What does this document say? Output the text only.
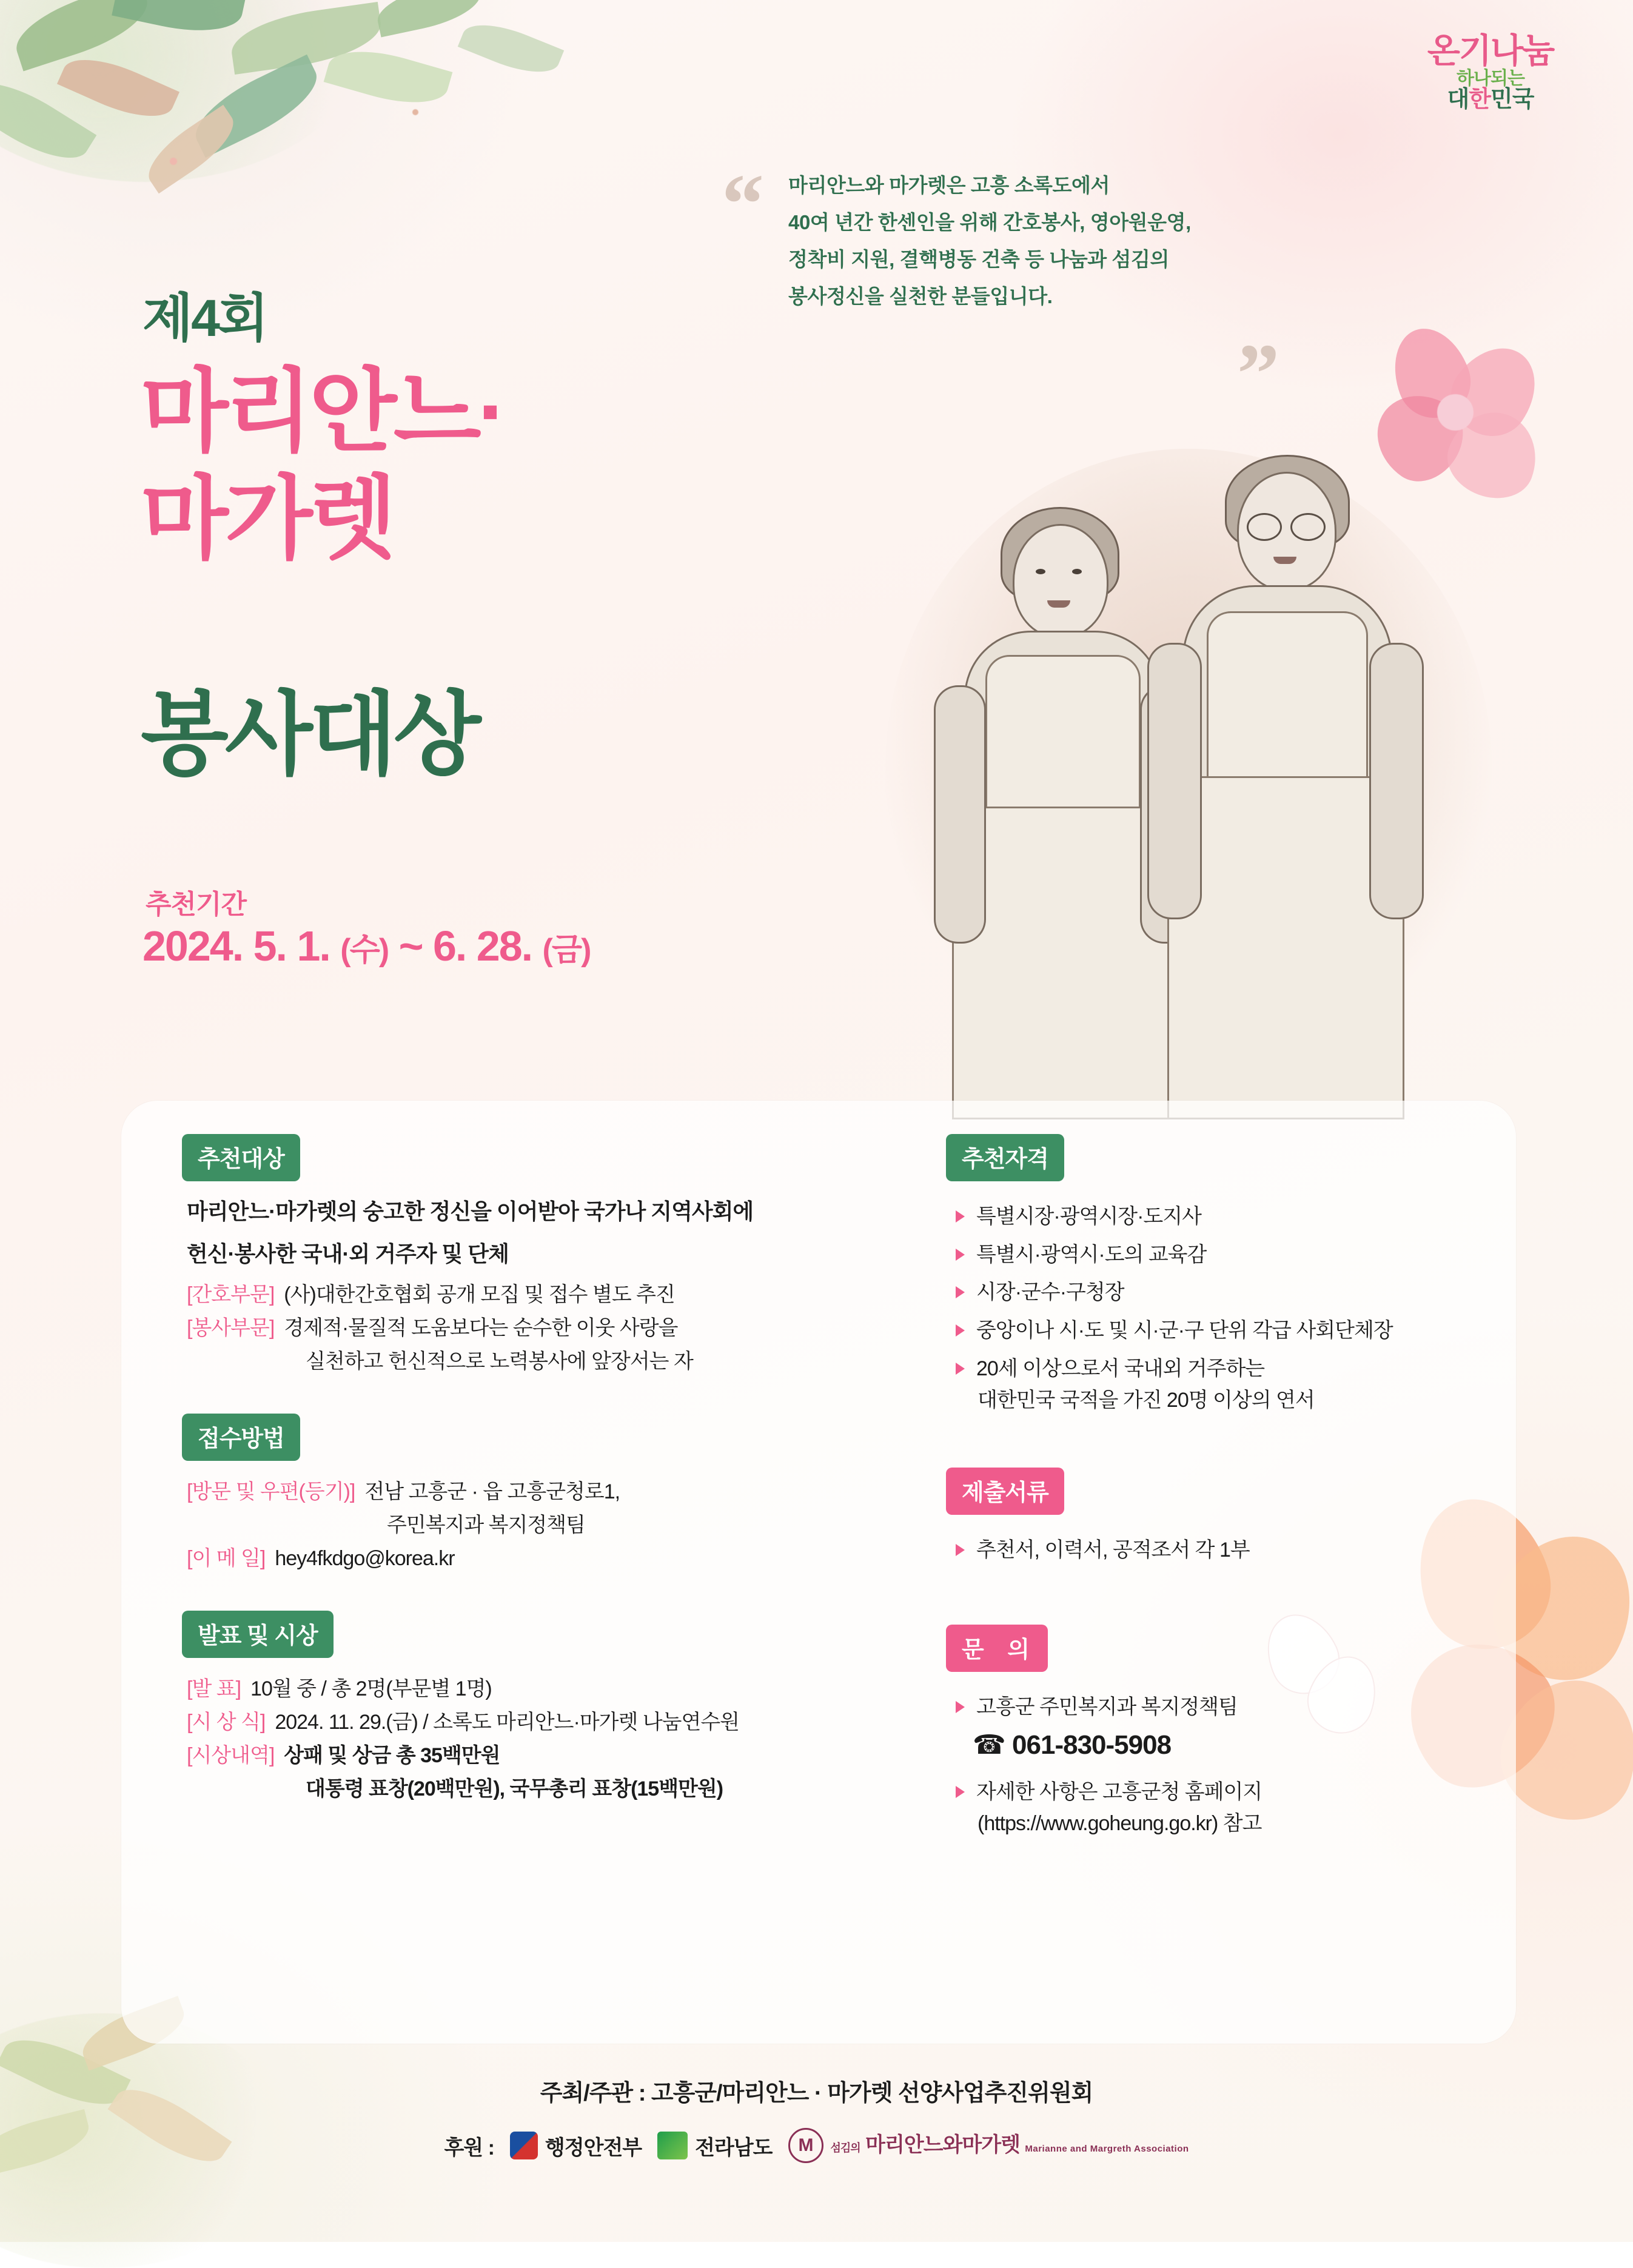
온기나눔
하나되는
대한민국
“
”
마리안느와 마가렛은 고흥 소록도에서
40여 년간 한센인을 위해 간호봉사, 영아원운영,
정착비 지원, 결핵병동 건축 등 나눔과 섬김의
봉사정신을 실천한 분들입니다.
제4회
마리안느·
마가렛
봉사대상
추천기간
2024. 5. 1. (수) ~ 6. 28. (금)
추천대상
마리안느·마가렛의 숭고한 정신을 이어받아 국가나 지역사회에
헌신·봉사한 국내·외 거주자 및 단체
[간호부문] (사)대한간호협회 공개 모집 및 접수 별도 추진
[봉사부문] 경제적·물질적 도움보다는 순수한 이웃 사랑을
실천하고 헌신적으로 노력봉사에 앞장서는 자
접수방법
[방문 및 우편(등기)] 전남 고흥군 · 읍 고흥군청로1,
주민복지과 복지정책팀
[이 메 일] hey4fkdgo@korea.kr
발표 및 시상
[발 표] 10월 중 / 총 2명(부문별 1명)
[시 상 식] 2024. 11. 29.(금) / 소록도 마리안느·마가렛 나눔연수원
[시상내역] 상패 및 상금 총 35백만원
대통령 표창(20백만원), 국무총리 표창(15백만원)
추천자격
특별시장·광역시장·도지사
특별시·광역시·도의 교육감
시장·군수·구청장
중앙이나 시·도 및 시·군·구 단위 각급 사회단체장
20세 이상으로서 국내외 거주하는
대한민국 국적을 가진 20명 이상의 연서
제출서류
추천서, 이력서, 공적조서 각 1부
문 의
고흥군 주민복지과 복지정책팀
☎ 061-830-5908
자세한 사항은 고흥군청 홈페이지
(https://www.goheung.go.kr) 참고
주최/주관 : 고흥군/마리안느 · 마가렛 선양사업추진위원회
후원 : 행정안전부	전라남도	M	섬김의 마리안느와마가렛 Marianne and Margreth Association
